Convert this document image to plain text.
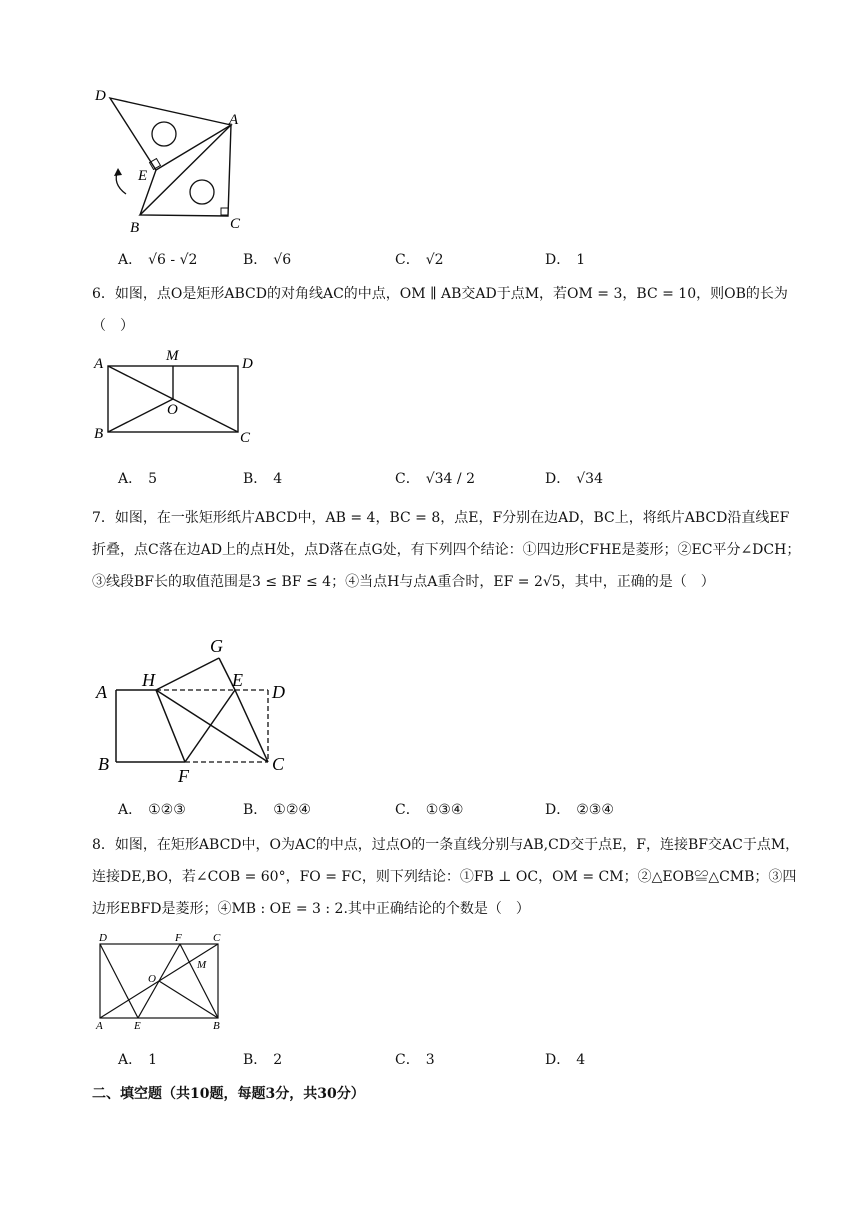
D
A
E
B	C
A． √6 - √2	B． √6	C． √2	D． 1
6．如图，点O是矩形ABCD的对角线AC的中点，OM ∥ AB交AD于点M，若OM = 3，BC = 10，则OB的长为（　）
A	M	D
O
B	C
A． 5	B． 4	C． √34 / 2	D． √34
7．如图，在一张矩形纸片ABCD中，AB = 4，BC = 8，点E，F分别在边AD，BC上，将纸片ABCD沿直线EF折叠，点C落在边AD上的点H处，点D落在点G处，有下列四个结论：①四边形CFHE是菱形；②EC平分∠DCH；③线段BF长的取值范围是3 ≤ BF ≤ 4；④当点H与点A重合时，EF = 2√5，其中，正确的是（　）
G
A
H	E
D
B
F
C
A． ①②③	B． ①②④	C． ①③④	D． ②③④
8．如图，在矩形ABCD中，O为AC的中点，过点O的一条直线分别与AB,CD交于点E，F，连接BF交AC于点M，连接DE,BO，若∠COB = 60°，FO = FC，则下列结论：①FB ⊥ OC，OM = CM；②△EOB≌△CMB；③四边形EBFD是菱形；④MB : OE = 3 : 2.其中正确结论的个数是（　）
D	F	C
M
O
A	E	B
A． 1	B． 2	C． 3	D． 4
二、填空题（共10题，每题3分，共30分）
